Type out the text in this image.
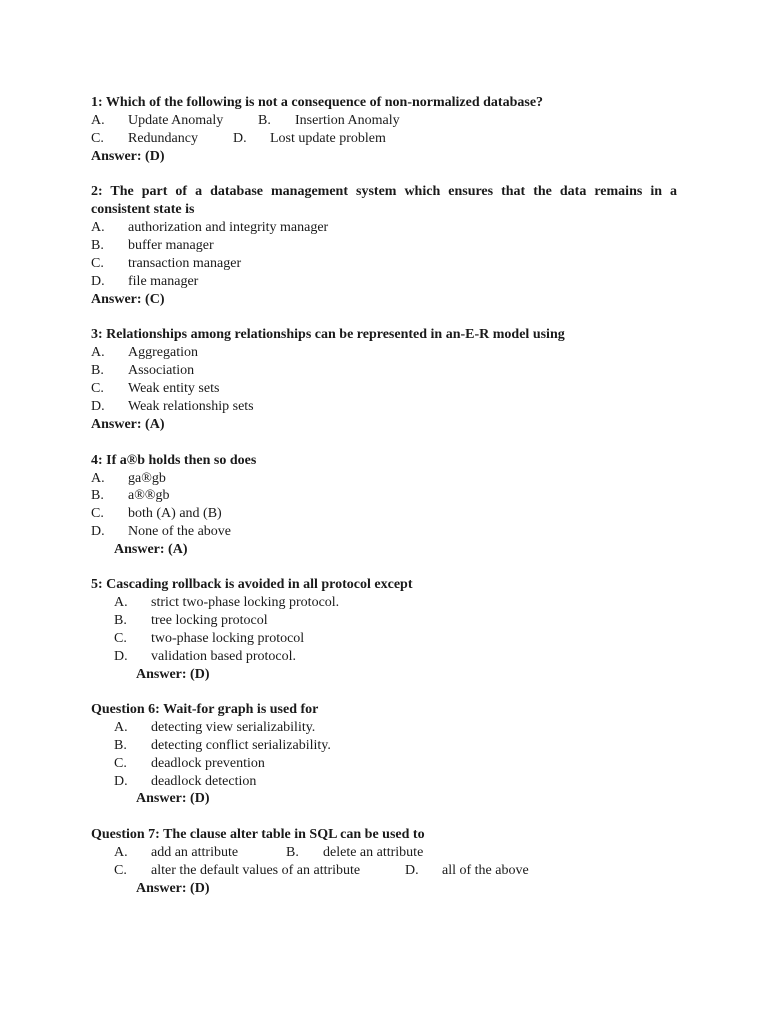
1: Which of the following is not a consequence of non-normalized database?
A. Update Anomaly B. Insertion Anomaly
C. Redundancy	D. Lost update problem
Answer: (D)
2: The part of a database management system which ensures that the data remains in a
consistent state is
A. authorization and integrity manager
B. buffer manager
C. transaction manager
D. file manager
Answer: (C)
3: Relationships among relationships can be represented in an-E-R model using
A. Aggregation
B. Association
C. Weak entity sets
D. Weak relationship sets
Answer: (A)
4: If a®b holds then so does
A. ga®gb
B. a®®gb
C. both (A) and (B)
D. None of the above
Answer: (A)
5: Cascading rollback is avoided in all protocol except
A. strict two-phase locking protocol.
B. tree locking protocol
C. two-phase locking protocol
D. validation based protocol.
Answer: (D)
Question 6: Wait-for graph is used for
A. detecting view serializability.
B. detecting conflict serializability.
C. deadlock prevention
D. deadlock detection
Answer: (D)
Question 7: The clause alter table in SQL can be used to
A. add an attribute	B. delete an attribute
C. alter the default values of an attribute	D. all of the above
Answer: (D)
